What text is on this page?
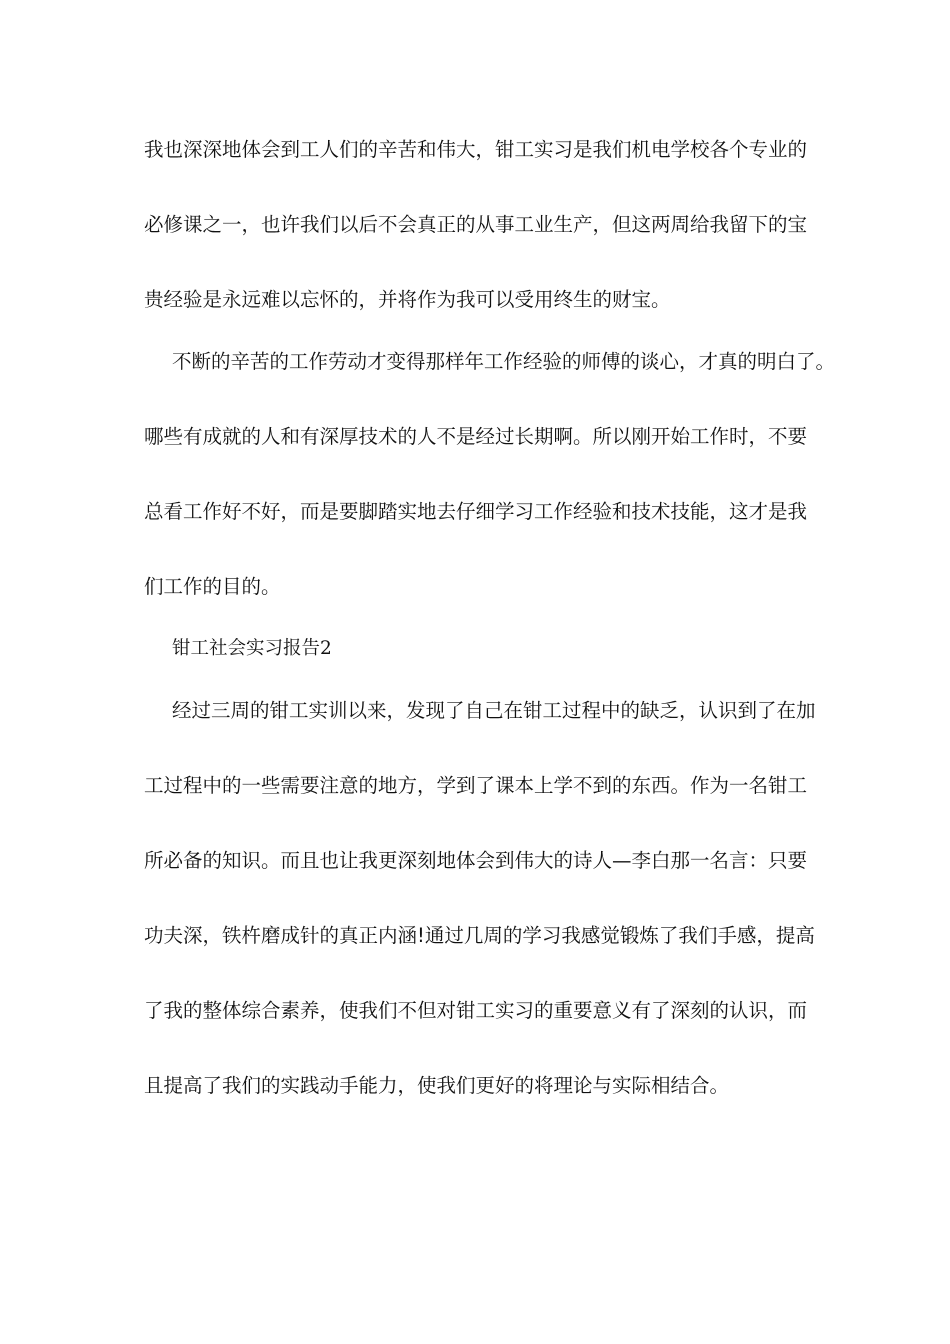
我也深深地体会到工人们的辛苦和伟大，钳工实习是我们机电学校各个专业的
必修课之一，也许我们以后不会真正的从事工业生产，但这两周给我留下的宝
贵经验是永远难以忘怀的，并将作为我可以受用终生的财宝。
不断的辛苦的工作劳动才变得那样年工作经验的师傅的谈心，才真的明白了。
哪些有成就的人和有深厚技术的人不是经过长期啊。所以刚开始工作时，不要
总看工作好不好，而是要脚踏实地去仔细学习工作经验和技术技能，这才是我
们工作的目的。
钳工社会实习报告2
经过三周的钳工实训以来，发现了自己在钳工过程中的缺乏，认识到了在加
工过程中的一些需要注意的地方，学到了课本上学不到的东西。作为一名钳工
所必备的知识。而且也让我更深刻地体会到伟大的诗人—李白那一名言：只要
功夫深，铁杵磨成针的真正内涵!通过几周的学习我感觉锻炼了我们手感，提高
了我的整体综合素养，使我们不但对钳工实习的重要意义有了深刻的认识，而
且提高了我们的实践动手能力，使我们更好的将理论与实际相结合。
